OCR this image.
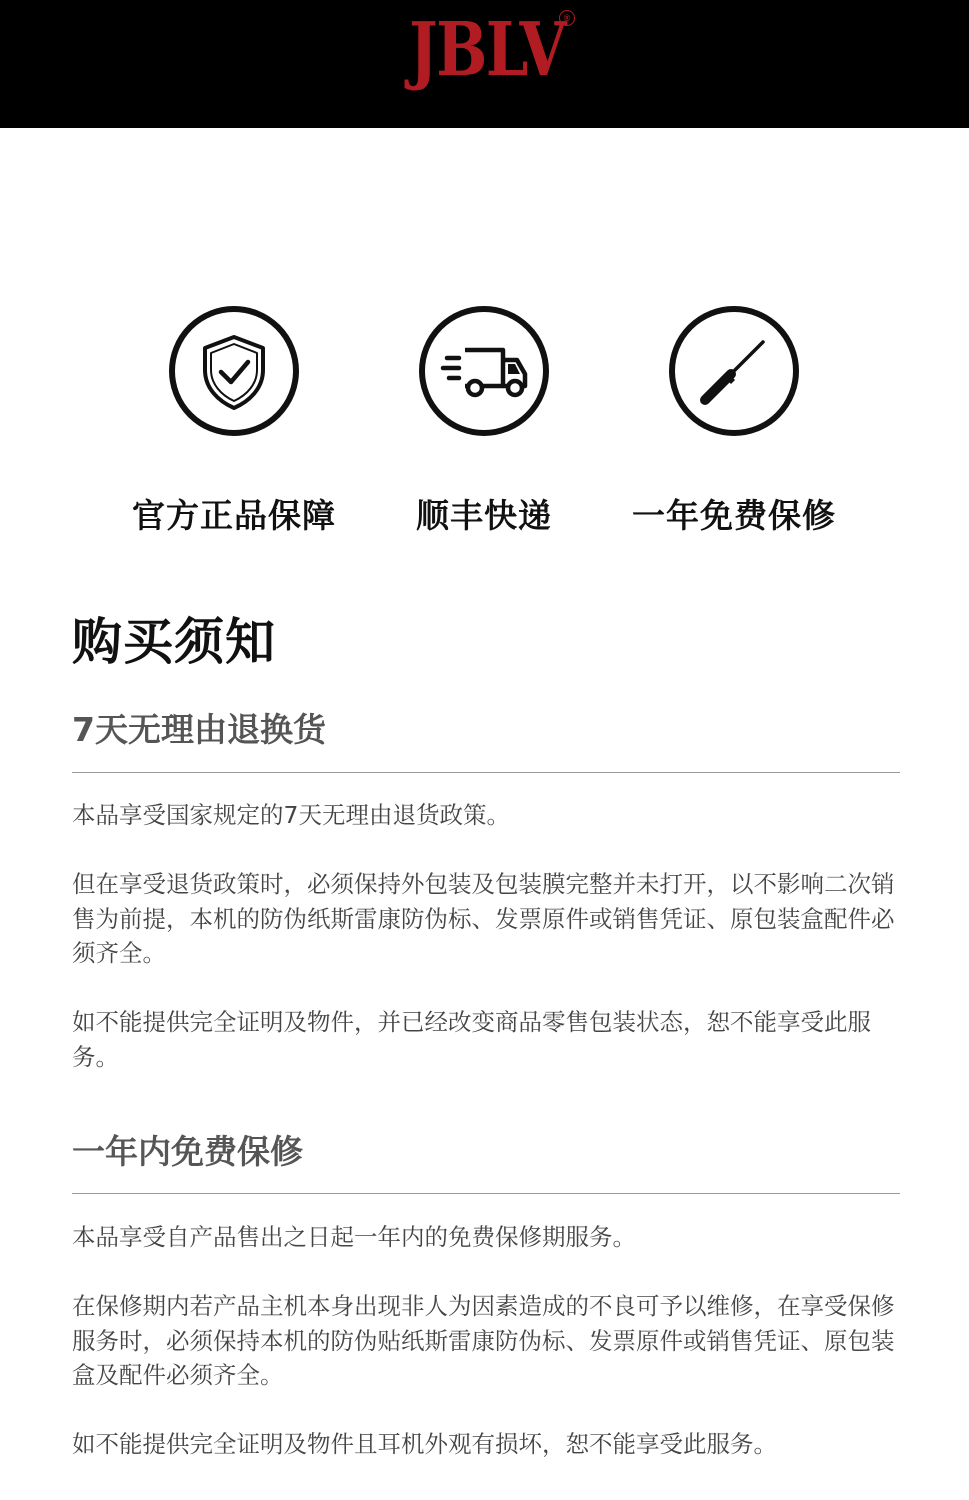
JBLV
®
官方正品保障	顺丰快递	一年免费保修
购买须知
7天无理由退换货

本品享受国家规定的7天无理由退货政策。

但在享受退货政策时，必须保持外包装及包装膜完整并未打开，以不影响二次销售为前提，本机的防伪纸斯雷康防伪标、发票原件或销售凭证、原包装盒配件必须齐全。

如不能提供完全证明及物件，并已经改变商品零售包装状态，恕不能享受此服务。

一年内免费保修

本品享受自产品售出之日起一年内的免费保修期服务。

在保修期内若产品主机本身出现非人为因素造成的不良可予以维修，在享受保修服务时，必须保持本机的防伪贴纸斯雷康防伪标、发票原件或销售凭证、原包装盒及配件必须齐全。

如不能提供完全证明及物件且耳机外观有损坏，恕不能享受此服务。
